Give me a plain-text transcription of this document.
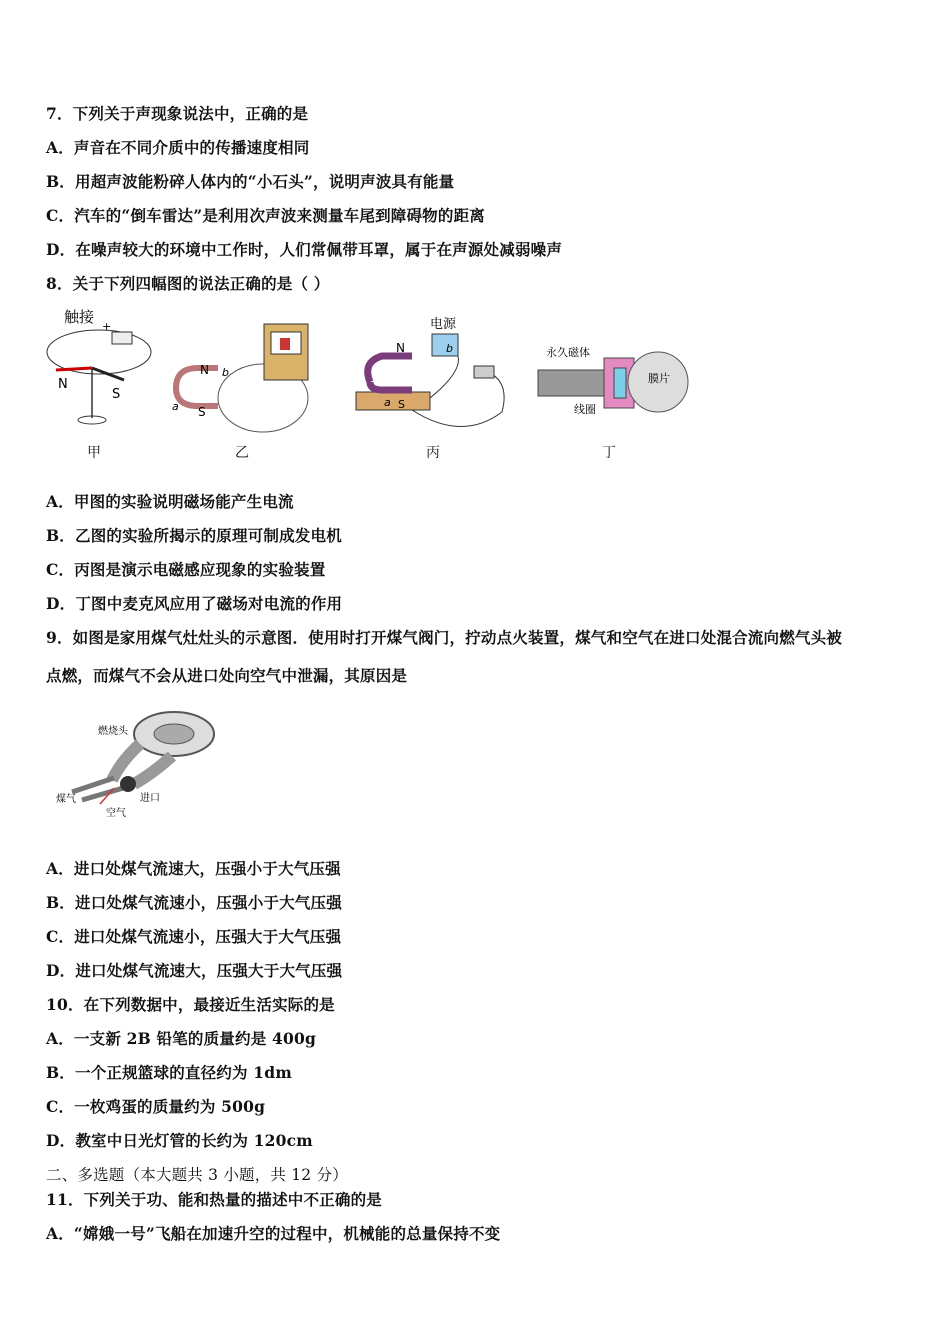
7．下列关于声现象说法中，正确的是
A．声音在不同介质中的传播速度相同
B．用超声波能粉碎人体内的“小石头”，说明声波具有能量
C．汽车的“倒车雷达”是利用次声波来测量车尾到障碍物的距离
D．在噪声较大的环境中工作时，人们常佩带耳罩，属于在声源处减弱噪声
8．关于下列四幅图的说法正确的是（ ）
触接
+
N
S
甲
N
S
b
a
乙
电源
N
S
a
b
丙
永久磁体
膜片
线圈
丁
A．甲图的实验说明磁场能产生电流
B．乙图的实验所揭示的原理可制成发电机
C．丙图是演示电磁感应现象的实验装置
D．丁图中麦克风应用了磁场对电流的作用
9．如图是家用煤气灶灶头的示意图．使用时打开煤气阀门，拧动点火装置，煤气和空气在进口处混合流向燃气头被
点燃，而煤气不会从进口处向空气中泄漏，其原因是
燃烧头
煤气	进口
空气
A．进口处煤气流速大，压强小于大气压强
B．进口处煤气流速小，压强小于大气压强
C．进口处煤气流速小，压强大于大气压强
D．进口处煤气流速大，压强大于大气压强
10．在下列数据中，最接近生活实际的是
A．一支新 2B 铅笔的质量约是 400g
B．一个正规篮球的直径约为 1dm
C．一枚鸡蛋的质量约为 500g
D．教室中日光灯管的长约为 120cm
二、多选题（本大题共 3 小题，共 12 分）
11．下列关于功、能和热量的描述中不正确的是
A．“嫦娥一号”飞船在加速升空的过程中，机械能的总量保持不变
